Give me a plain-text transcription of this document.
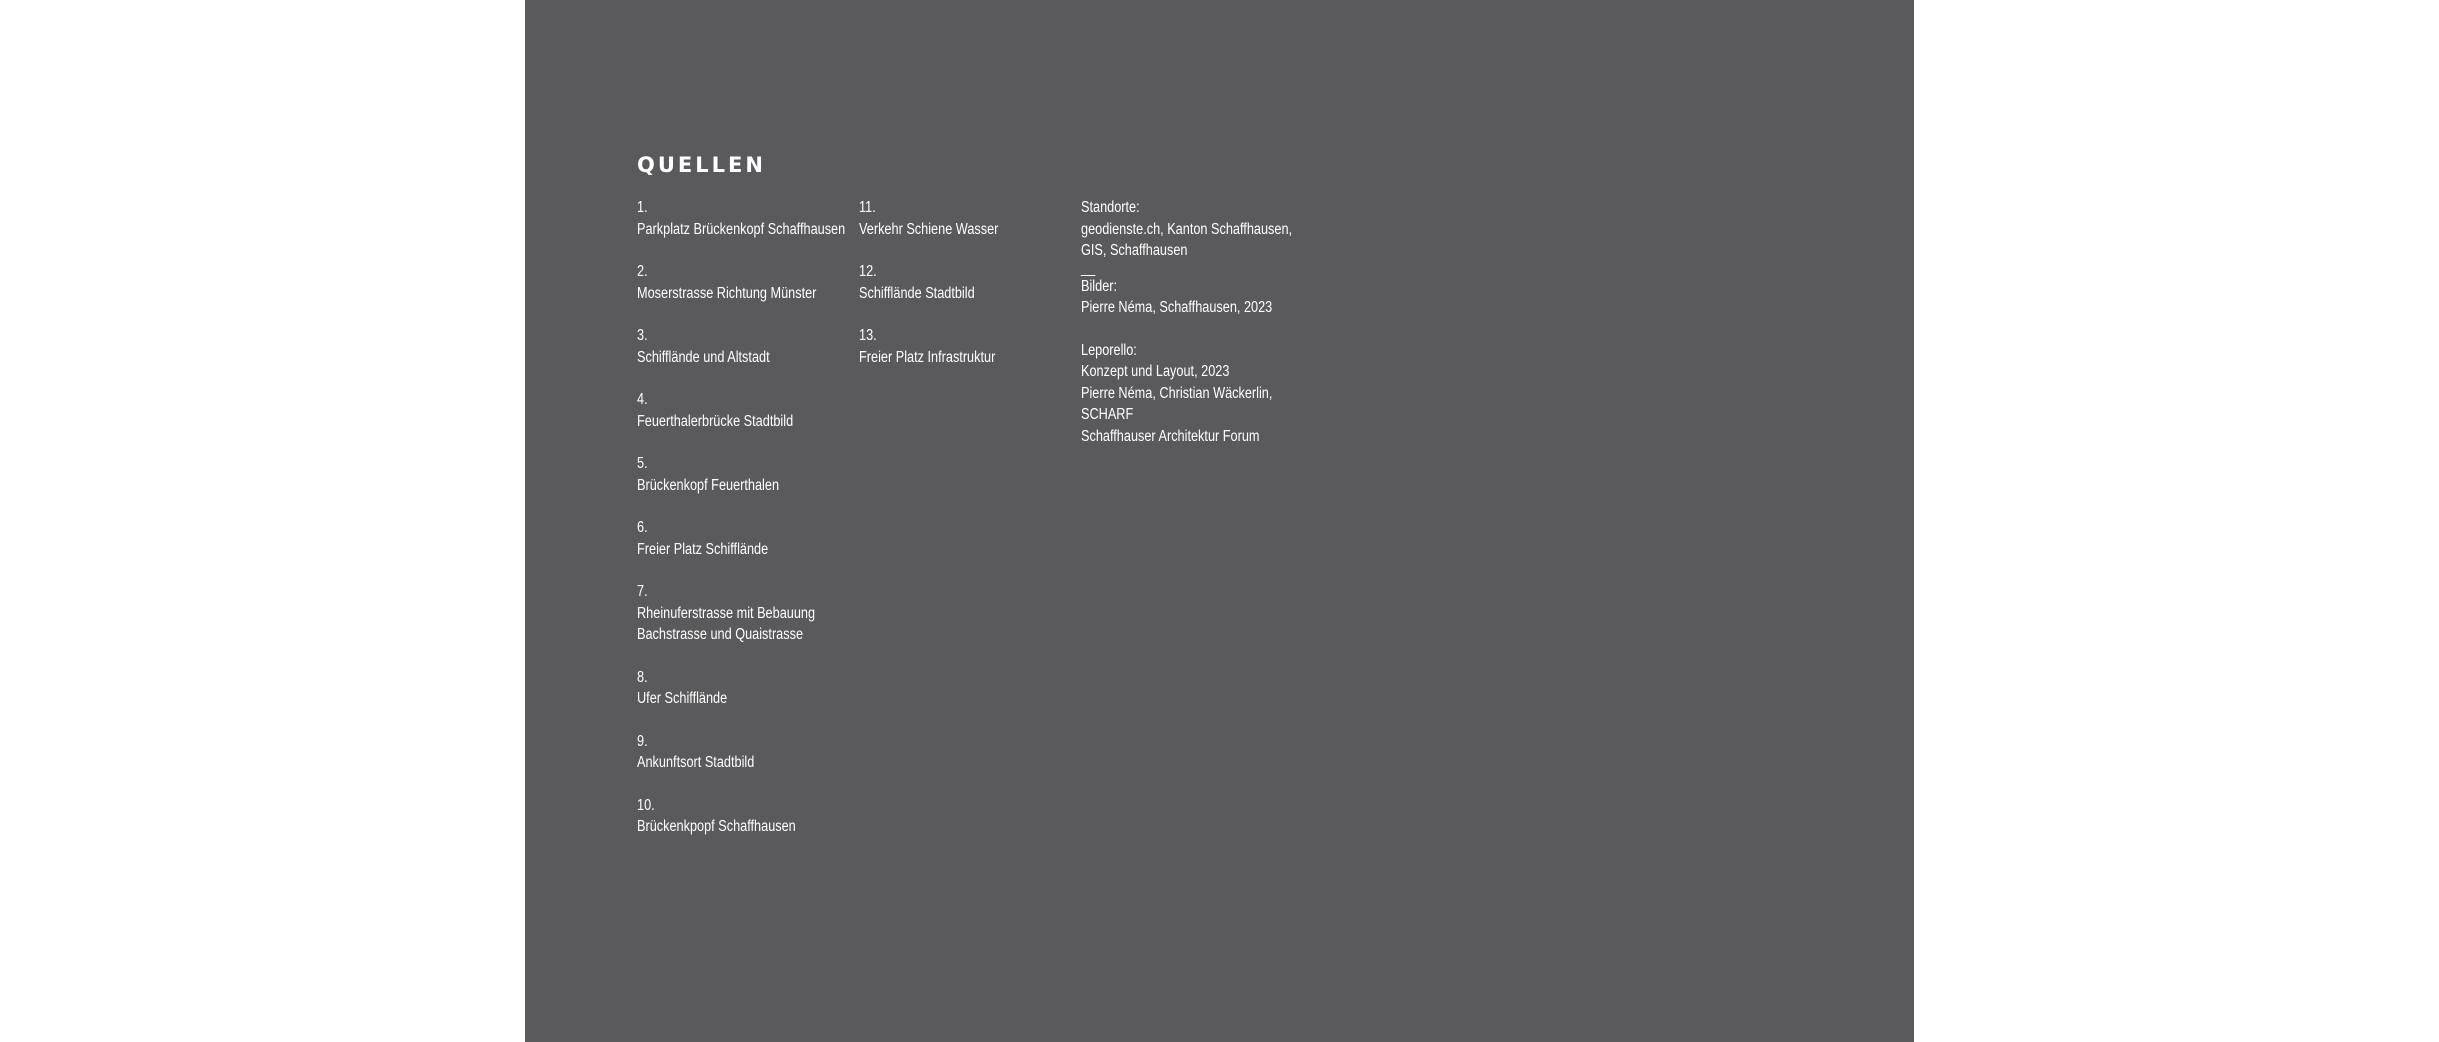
QUELLEN
1.
Parkplatz Brückenkopf Schaffhausen
2.
Moserstrasse Richtung Münster
3.
Schifflände und Altstadt
4.
Feuerthalerbrücke Stadtbild
5.
Brückenkopf Feuerthalen
6.
Freier Platz Schifflände
7.
Rheinuferstrasse mit Bebauung
Bachstrasse und Quaistrasse
8.
Ufer Schifflände
9.
Ankunftsort Stadtbild
10.
Brückenkpopf Schaffhausen
11.
Verkehr Schiene Wasser
12.
Schifflände Stadtbild
13.
Freier Platz Infrastruktur
Standorte:
geodienste.ch, Kanton Schaffhausen,
GIS, Schaffhausen
__
Bilder:
Pierre Néma, Schaffhausen, 2023
Leporello:
Konzept und Layout, 2023
Pierre Néma, Christian Wäckerlin,
SCHARF
Schaffhauser Architektur Forum
